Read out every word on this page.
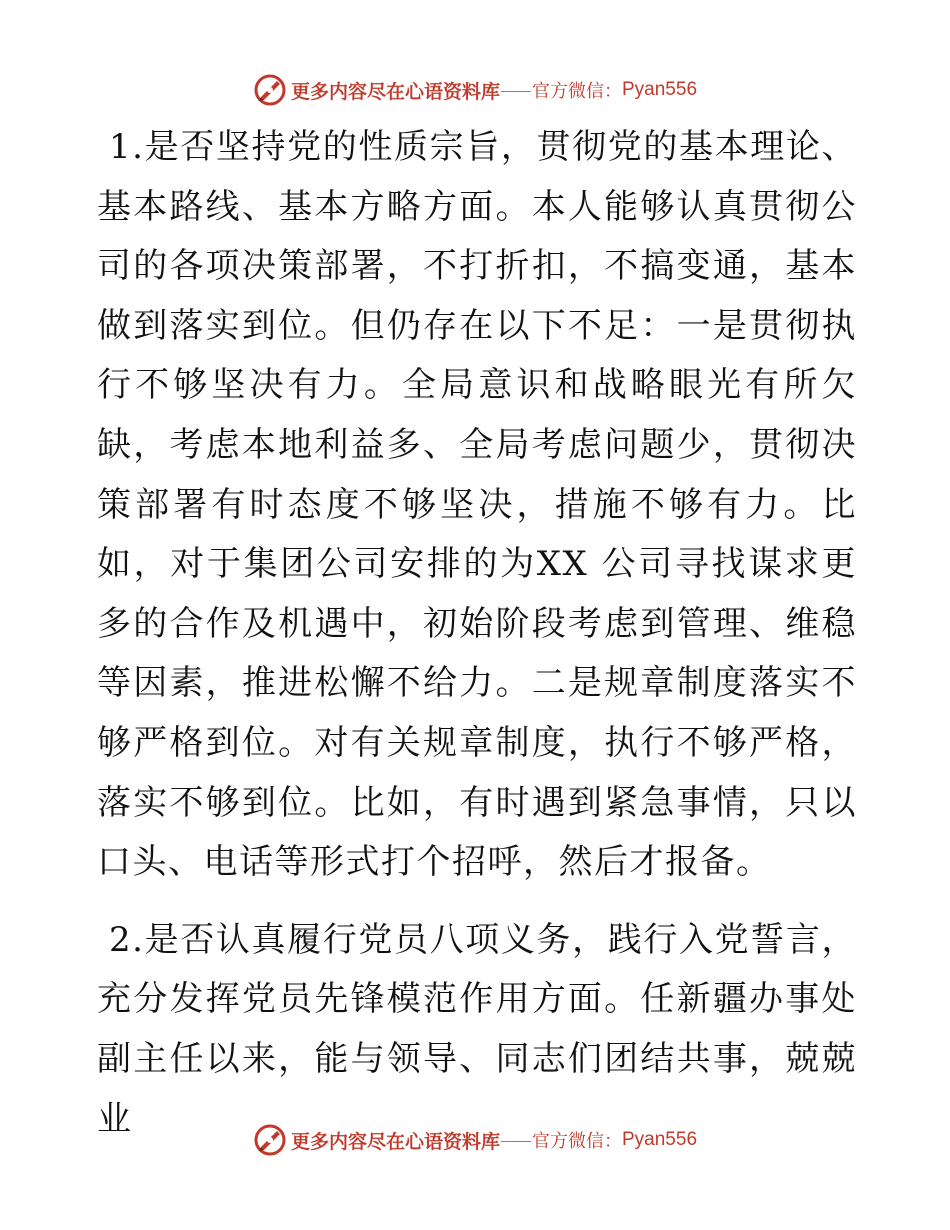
更多内容尽在心语资料库 官方微信： Pyan556

1.是否坚持党的性质宗旨，贯彻党的基本理论、基本路线、基本方略方面。本人能够认真贯彻公司的各项决策部署，不打折扣，不搞变通，基本做到落实到位。但仍存在以下不足：一是贯彻执行不够坚决有力。全局意识和战略眼光有所欠缺，考虑本地利益多、全局考虑问题少，贯彻决策部署有时态度不够坚决，措施不够有力。比如，对于集团公司安排的为XX 公司寻找谋求更多的合作及机遇中，初始阶段考虑到管理、维稳等因素，推进松懈不给力。二是规章制度落实不够严格到位。对有关规章制度，执行不够严格，落实不够到位。比如，有时遇到紧急事情，只以口头、电话等形式打个招呼，然后才报备。

2.是否认真履行党员八项义务，践行入党誓言，充分发挥党员先锋模范作用方面。任新疆办事处副主任以来，能与领导、同志们团结共事，兢兢业

更多内容尽在心语资料库 官方微信： Pyan556
